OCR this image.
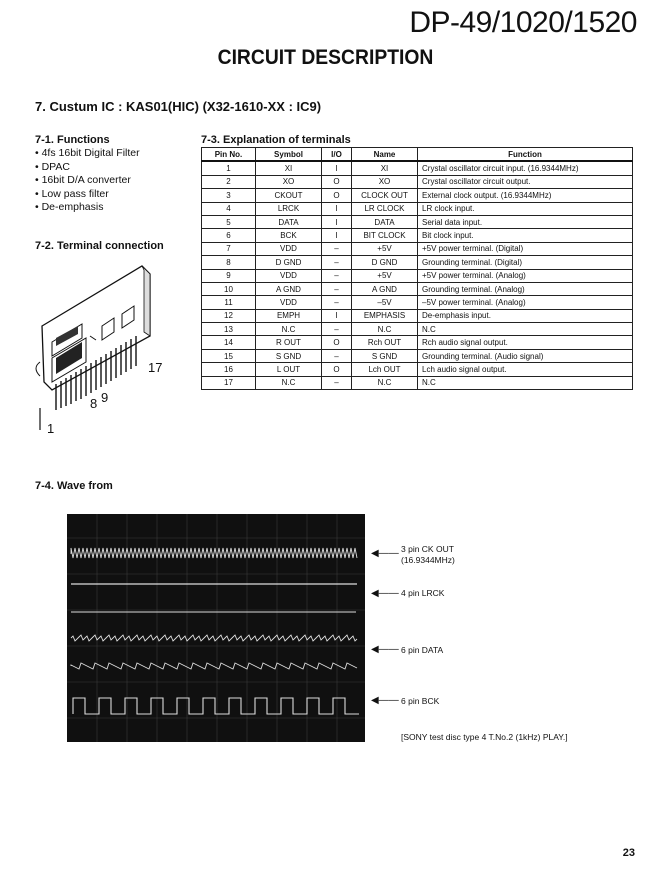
DP-49/1020/1520
CIRCUIT DESCRIPTION
7. Custum IC : KAS01(HIC) (X32-1610-XX : IC9)
7-1. Functions
• 4fs 16bit Digital Filter
• DPAC
• 16bit D/A converter
• Low pass filter
• De-emphasis
7-2. Terminal connection
17
8 9
1
7-3. Explanation of terminals
Pin No.	Symbol	I/O	Name	Function
1	XI	I	XI	Crystal oscillator circuit input. (16.9344MHz)
2	XO	O	XO	Crystal oscillator circuit output.
3	CKOUT	O	CLOCK OUT	External clock output. (16.9344MHz)
4	LRCK	I	LR CLOCK	LR clock input.
5	DATA	I	DATA	Serial data input.
6	BCK	I	BIT CLOCK	Bit clock input.
7	VDD	–	+5V	+5V power terminal. (Digital)
8	D GND	–	D GND	Grounding terminal. (Digital)
9	VDD	–	+5V	+5V power terminal. (Analog)
10	A GND	–	A GND	Grounding terminal. (Analog)
11	VDD	–	–5V	–5V power terminal. (Analog)
12	EMPH	I	EMPHASIS	De-emphasis input.
13	N.C	–	N.C	N.C
14	R OUT	O	Rch OUT	Rch audio signal output.
15	S GND	–	S GND	Grounding terminal. (Audio signal)
16	L OUT	O	Lch OUT	Lch audio signal output.
17	N.C	–	N.C	N.C
7-4. Wave from
◀—— 3 pin CK OUT
(16.9344MHz)
◀—— 4 pin LRCK
◀—— 6 pin DATA
◀—— 6 pin BCK
[SONY test disc type 4 T.No.2 (1kHz) PLAY.]
23
